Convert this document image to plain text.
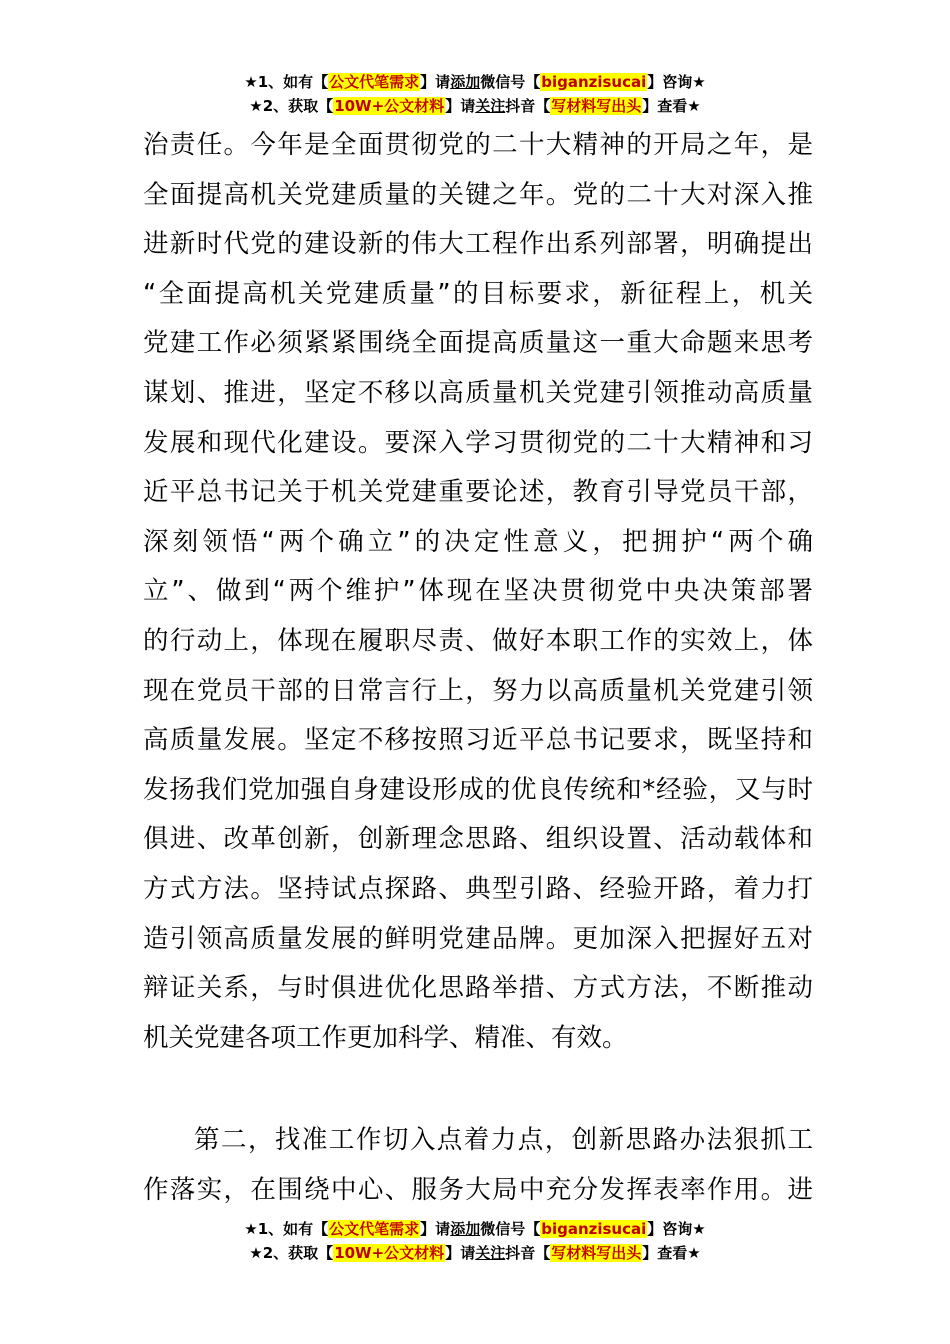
★1、如有【公文代笔需求】请添加微信号【biganzisucai】咨询★
★2、获取【10W+公文材料】请关注抖音【写材料写出头】查看★
治责任。今年是全面贯彻党的二十大精神的开局之年，是
全面提高机关党建质量的关键之年。党的二十大对深入推
进新时代党的建设新的伟大工程作出系列部署，明确提出
“全面提高机关党建质量”的目标要求，新征程上，机关
党建工作必须紧紧围绕全面提高质量这一重大命题来思考
谋划、推进，坚定不移以高质量机关党建引领推动高质量
发展和现代化建设。要深入学习贯彻党的二十大精神和习
近平总书记关于机关党建重要论述，教育引导党员干部，
深刻领悟“两个确立”的决定性意义，把拥护“两个确
立”、做到“两个维护”体现在坚决贯彻党中央决策部署
的行动上，体现在履职尽责、做好本职工作的实效上，体
现在党员干部的日常言行上，努力以高质量机关党建引领
高质量发展。坚定不移按照习近平总书记要求，既坚持和
发扬我们党加强自身建设形成的优良传统和*经验，又与时
俱进、改革创新，创新理念思路、组织设置、活动载体和
方式方法。坚持试点探路、典型引路、经验开路，着力打
造引领高质量发展的鲜明党建品牌。更加深入把握好五对
辩证关系，与时俱进优化思路举措、方式方法，不断推动
机关党建各项工作更加科学、精准、有效。
第二，找准工作切入点着力点，创新思路办法狠抓工
作落实，在围绕中心、服务大局中充分发挥表率作用。进
★1、如有【公文代笔需求】请添加微信号【biganzisucai】咨询★
★2、获取【10W+公文材料】请关注抖音【写材料写出头】查看★
